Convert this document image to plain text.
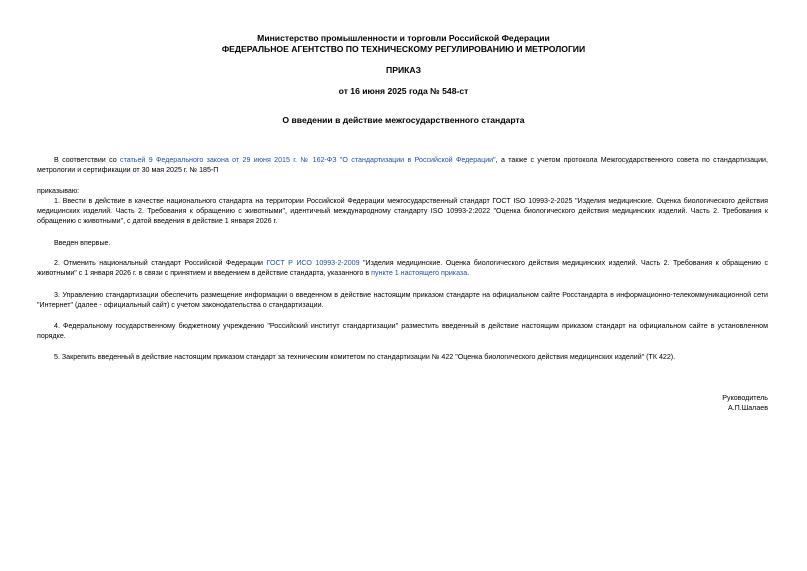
Министерство промышленности и торговли Российской Федерации
ФЕДЕРАЛЬНОЕ АГЕНТСТВО ПО ТЕХНИЧЕСКОМУ РЕГУЛИРОВАНИЮ И МЕТРОЛОГИИ
ПРИКАЗ
от 16 июня 2025 года № 548-ст
О введении в действие межгосударственного стандарта
В соответствии со статьей 9 Федерального закона от 29 июня 2015 г. № 162-ФЗ "О стандартизации в Российской Федерации", а также с учетом протокола Межгосударственного совета по стандартизации, метрологии и сертификации от 30 мая 2025 г. № 185-П
приказываю:
1. Ввести в действие в качестве национального стандарта на территории Российской Федерации межгосударственный стандарт ГОСТ ISO 10993-2-2025 "Изделия медицинские. Оценка биологического действия медицинских изделий. Часть 2. Требования к обращению с животными", идентичный международному стандарту ISO 10993-2:2022 "Оценка биологического действия медицинских изделий. Часть 2. Требования к обращению с животными", с датой введения в действие 1 января 2026 г.
Введен впервые.
2. Отменить национальный стандарт Российской Федерации ГОСТ Р ИСО 10993-2-2009 "Изделия медицинские. Оценка биологического действия медицинских изделий. Часть 2. Требования к обращению с животными" с 1 января 2026 г. в связи с принятием и введением в действие стандарта, указанного в пункте 1 настоящего приказа.
3. Управлению стандартизации обеспечить размещение информации о введенном в действие настоящим приказом стандарте на официальном сайте Росстандарта в информационно-телекоммуникационной сети "Интернет" (далее - официальный сайт) с учетом законодательства о стандартизации.
4. Федеральному государственному бюджетному учреждению "Российский институт стандартизации" разместить введенный в действие настоящим приказом стандарт на официальном сайте в установленном порядке.
5. Закрепить введенный в действие настоящим приказом стандарт за техническим комитетом по стандартизации № 422 "Оценка биологического действия медицинских изделий" (ТК 422).
Руководитель
А.П.Шалаев
